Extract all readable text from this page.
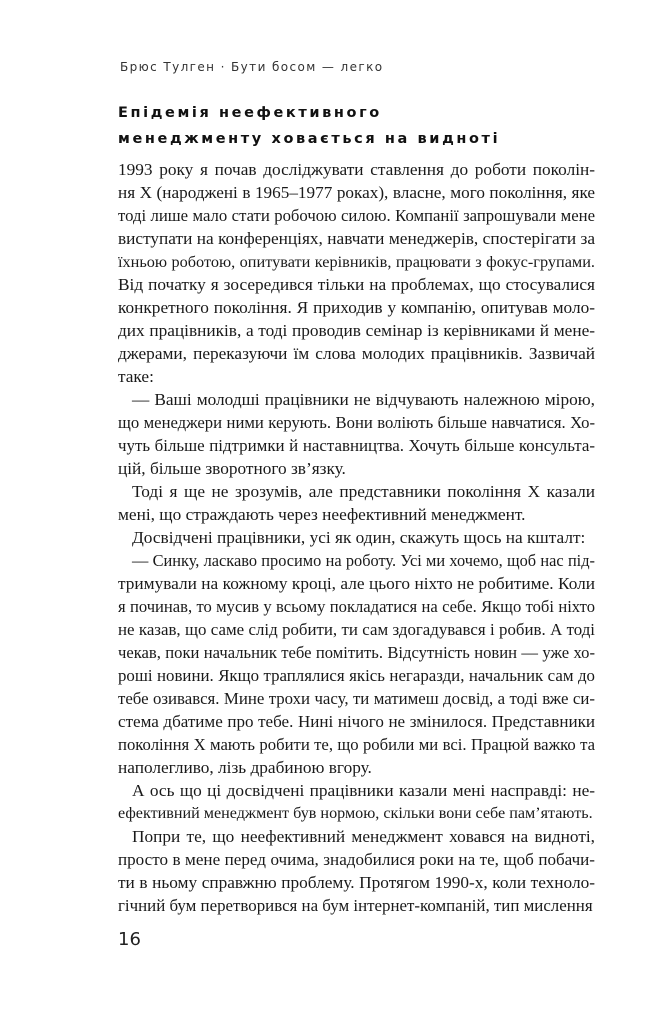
Брюс Тулген · Бути босом — легко
Епідемія неефективного
менеджменту ховається на видноті
1993 року я почав досліджувати ставлення до роботи поколін-
ня X (народжені в 1965–1977 роках), власне, мого покоління, яке
тоді лише мало стати робочою силою. Компанії запрошували мене
виступати на конференціях, навчати менеджерів, спостерігати за
їхньою роботою, опитувати керівників, працювати з фокус-групами.
Від початку я зосередився тільки на проблемах, що стосувалися
конкретного покоління. Я приходив у компанію, опитував моло-
дих працівників, а тоді проводив семінар із керівниками й мене-
джерами, переказуючи їм слова молодих працівників. Зазвичай
таке:
— Ваші молодші працівники не відчувають належною мірою,
що менеджери ними керують. Вони воліють більше навчатися. Хо-
чуть більше підтримки й наставництва. Хочуть більше консульта-
цій, більше зворотного зв’язку.
Тоді я ще не зрозумів, але представники покоління X казали
мені, що страждають через неефективний менеджмент.
Досвідчені працівники, усі як один, скажуть щось на кшталт:
— Синку, ласкаво просимо на роботу. Усі ми хочемо, щоб нас під-
тримували на кожному кроці, але цього ніхто не робитиме. Коли
я починав, то мусив у всьому покладатися на себе. Якщо тобі ніхто
не казав, що саме слід робити, ти сам здогадувався і робив. А тоді
чекав, поки начальник тебе помітить. Відсутність новин — уже хо-
роші новини. Якщо траплялися якісь негаразди, начальник сам до
тебе озивався. Мине трохи часу, ти матимеш досвід, а тоді вже си-
стема дбатиме про тебе. Нині нічого не змінилося. Представники
покоління X мають робити те, що робили ми всі. Працюй важко та
наполегливо, лізь драбиною вгору.
А ось що ці досвідчені працівники казали мені насправді: не-
ефективний менеджмент був нормою, скільки вони себе пам’ятають.
Попри те, що неефективний менеджмент ховався на видноті,
просто в мене перед очима, знадобилися роки на те, щоб побачи-
ти в ньому справжню проблему. Протягом 1990-х, коли техноло-
гічний бум перетворився на бум інтернет-компаній, тип мислення
16
